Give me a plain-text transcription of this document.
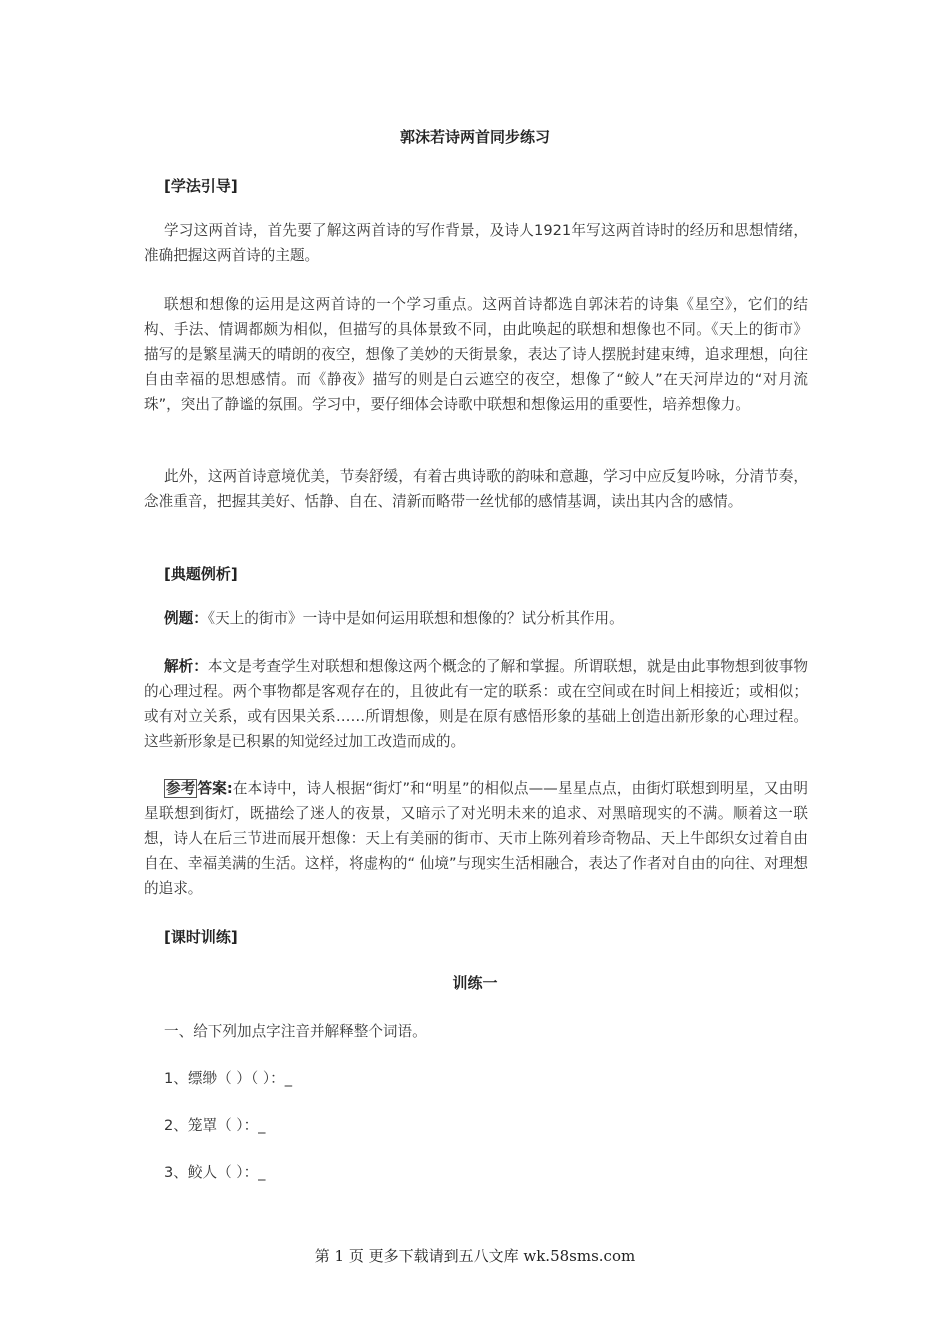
郭沫若诗两首同步练习
[学法引导]

学习这两首诗，首先要了解这两首诗的写作背景，及诗人1921年写这两首诗时的经历和思想情绪，准确把握这两首诗的主题。

联想和想像的运用是这两首诗的一个学习重点。这两首诗都选自郭沫若的诗集《星空》，它们的结构、手法、情调都颇为相似，但描写的具体景致不同，由此唤起的联想和想像也不同。《天上的街市》描写的是繁星满天的晴朗的夜空，想像了美妙的天街景象，表达了诗人摆脱封建束缚，追求理想，向往自由幸福的思想感情。而《静夜》描写的则是白云遮空的夜空，想像了“鲛人”在天河岸边的“对月流珠”，突出了静谧的氛围。学习中，要仔细体会诗歌中联想和想像运用的重要性，培养想像力。

此外，这两首诗意境优美，节奏舒缓，有着古典诗歌的韵味和意趣，学习中应反复吟咏，分清节奏，念准重音，把握其美好、恬静、自在、清新而略带一丝忧郁的感情基调，读出其内含的感情。

[典题例析]

例题：《天上的街市》一诗中是如何运用联想和想像的？试分析其作用。

解析：本文是考查学生对联想和想像这两个概念的了解和掌握。所谓联想，就是由此事物想到彼事物的心理过程。两个事物都是客观存在的，且彼此有一定的联系：或在空间或在时间上相接近；或相似；或有对立关系，或有因果关系……所谓想像，则是在原有感悟形象的基础上创造出新形象的心理过程。这些新形象是已积累的知觉经过加工改造而成的。

参考 答案:在本诗中，诗人根据“街灯”和“明星”的相似点——星星点点，由街灯联想到明星，又由明星联想到街灯，既描绘了迷人的夜景，又暗示了对光明未来的追求、对黑暗现实的不满。顺着这一联想，诗人在后三节进而展开想像：天上有美丽的街市、天市上陈列着珍奇物品、天上牛郎织女过着自由自在、幸福美满的生活。这样，将虚构的“ 仙境”与现实生活相融合，表达了作者对自由的向往、对理想的追求。

[课时训练]
训练一
一、给下列加点字注音并解释整个词语。
1、缥缈（ ）（ ）：_
2、笼罩（ ）：_
3、鲛人（ ）：_
第 1 页 更多下载请到五八文库 wk.58sms.com
